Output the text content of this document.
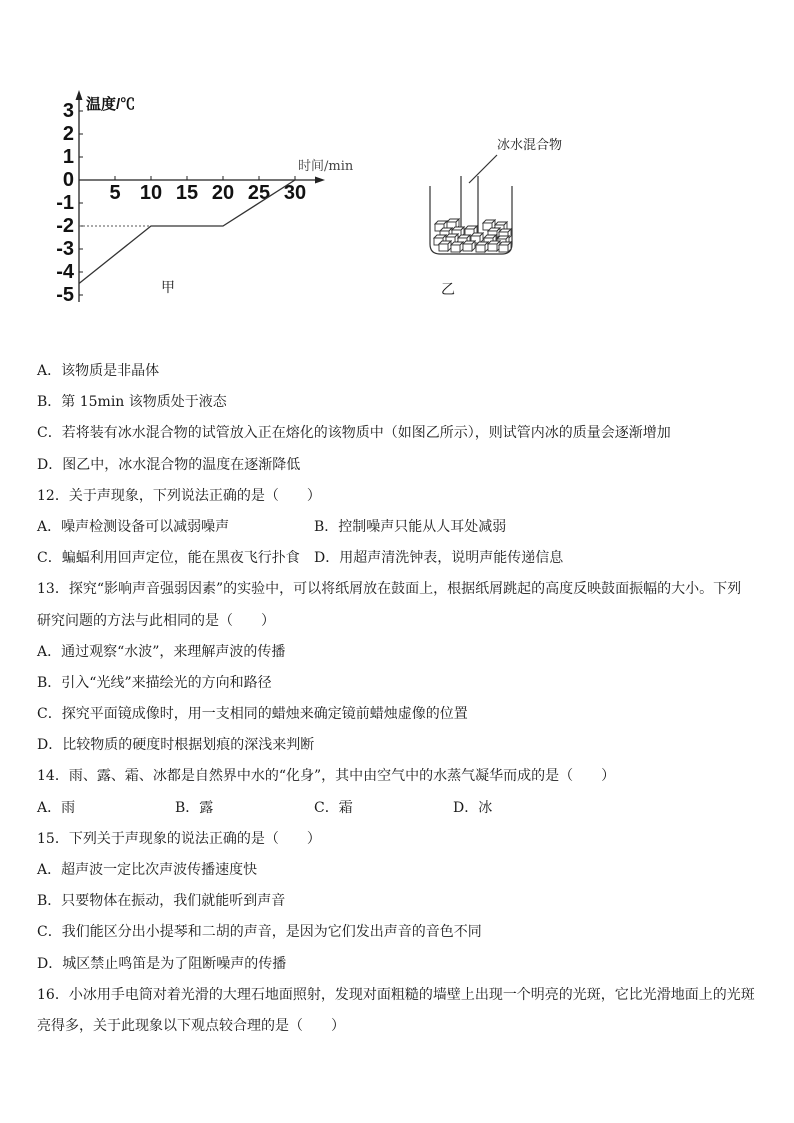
温度/℃
时间/min
3
2
1
0
-1
-2
-3
-4
-5
5 10 15 20 25 30
甲	乙
冰水混合物
A．该物质是非晶体
B．第 15min 该物质处于液态
C．若将装有冰水混合物的试管放入正在熔化的该物质中（如图乙所示），则试管内冰的质量会逐渐增加
D．图乙中，冰水混合物的温度在逐渐降低
12．关于声现象，下列说法正确的是（　　）
A．噪声检测设备可以减弱噪声	B．控制噪声只能从人耳处减弱
C．蝙蝠利用回声定位，能在黑夜飞行扑食 D．用超声清洗钟表，说明声能传递信息
13．探究“影响声音强弱因素”的实验中，可以将纸屑放在鼓面上，根据纸屑跳起的高度反映鼓面振幅的大小。下列
研究问题的方法与此相同的是（　　）
A．通过观察“水波”，来理解声波的传播
B．引入“光线”来描绘光的方向和路径
C．探究平面镜成像时，用一支相同的蜡烛来确定镜前蜡烛虚像的位置
D．比较物质的硬度时根据划痕的深浅来判断
14．雨、露、霜、冰都是自然界中水的“化身”，其中由空气中的水蒸气凝华而成的是（　　）
A．雨	B．露	C．霜	D．冰
15．下列关于声现象的说法正确的是（　　）
A．超声波一定比次声波传播速度快
B．只要物体在振动，我们就能听到声音
C．我们能区分出小提琴和二胡的声音，是因为它们发出声音的音色不同
D．城区禁止鸣笛是为了阻断噪声的传播
16．小冰用手电筒对着光滑的大理石地面照射，发现对面粗糙的墙壁上出现一个明亮的光斑，它比光滑地面上的光斑
亮得多，关于此现象以下观点较合理的是（　　）
